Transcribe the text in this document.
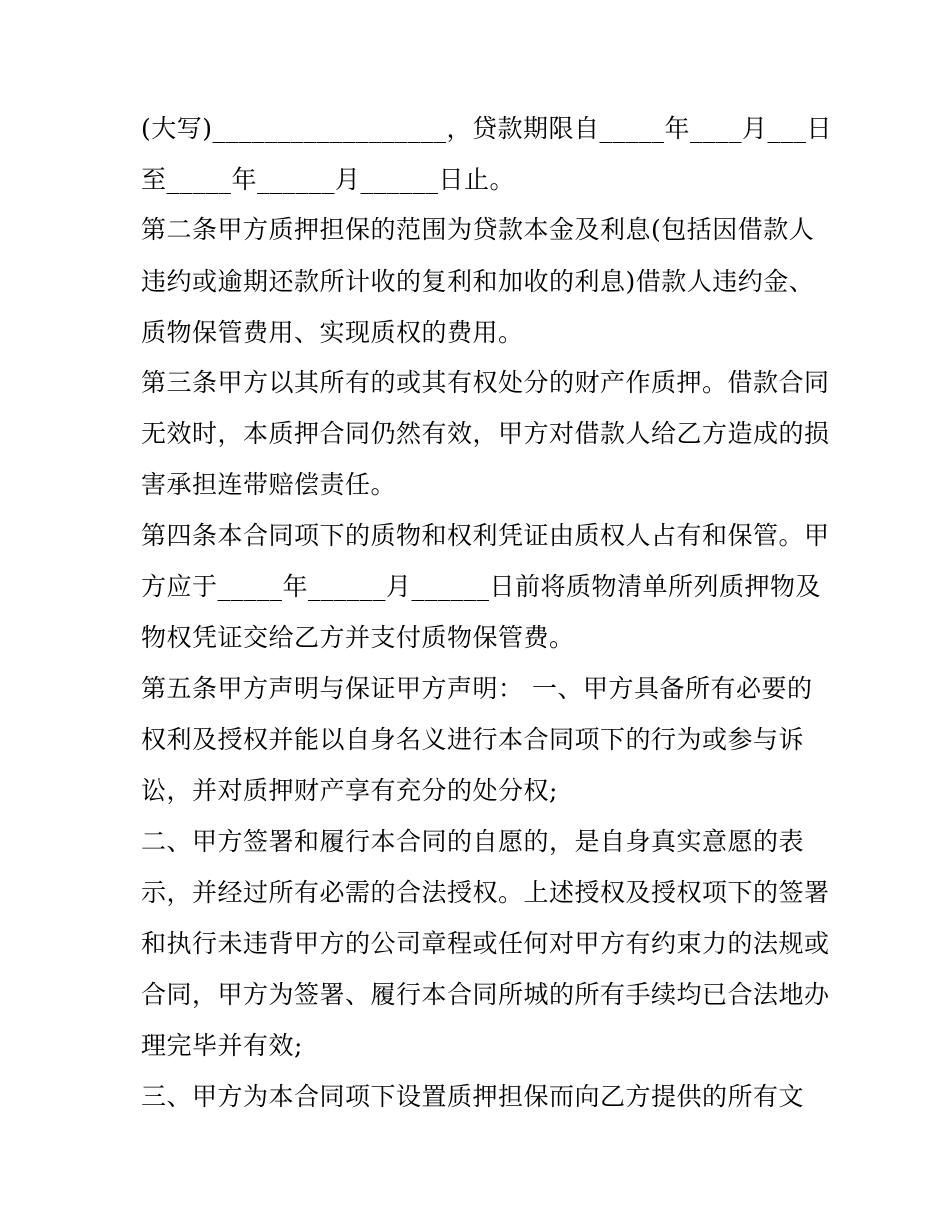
(大写)__________________，贷款期限自_____年____月___日
至_____年______月______日止。
第二条甲方质押担保的范围为贷款本金及利息(包括因借款人
违约或逾期还款所计收的复利和加收的利息)借款人违约金、
质物保管费用、实现质权的费用。
第三条甲方以其所有的或其有权处分的财产作质押。借款合同
无效时，本质押合同仍然有效，甲方对借款人给乙方造成的损
害承担连带赔偿责任。
第四条本合同项下的质物和权利凭证由质权人占有和保管。甲
方应于_____年______月______日前将质物清单所列质押物及
物权凭证交给乙方并支付质物保管费。
第五条甲方声明与保证甲方声明： 一、甲方具备所有必要的
权利及授权并能以自身名义进行本合同项下的行为或参与诉
讼，并对质押财产享有充分的处分权;
二、甲方签署和履行本合同的自愿的，是自身真实意愿的表
示，并经过所有必需的合法授权。上述授权及授权项下的签署
和执行未违背甲方的公司章程或任何对甲方有约束力的法规或
合同，甲方为签署、履行本合同所城的所有手续均已合法地办
理完毕并有效;
三、甲方为本合同项下设置质押担保而向乙方提供的所有文
